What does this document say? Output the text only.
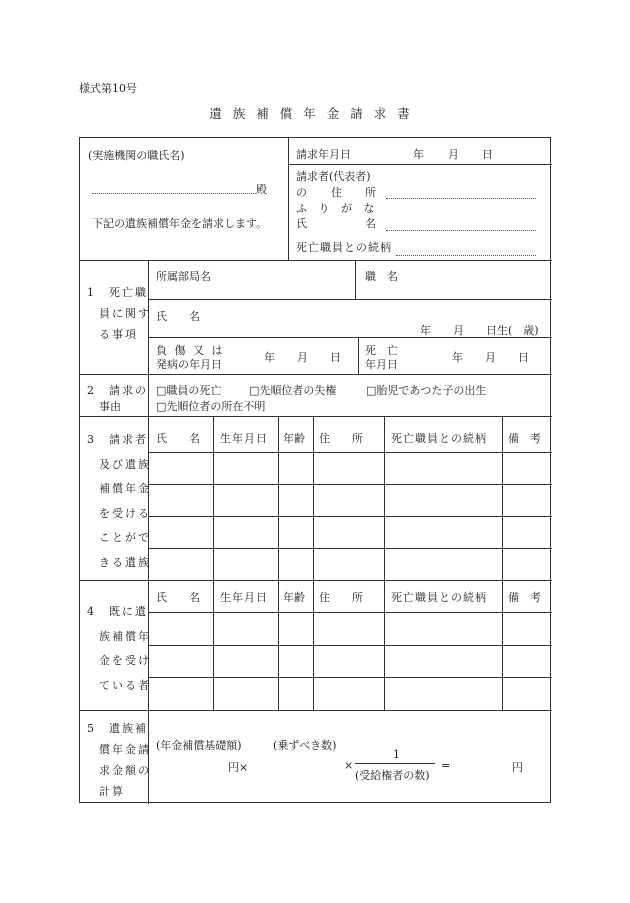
様式第10号
遺族補償年金請求書
(実施機関の職氏名)
殿
下記の遺族補償年金を請求します。
請求年月日	年 月 日
請求者(代表者)
の 住　所
ふ り が な
氏	名
死亡職員との続柄
1　死亡職
員に関す
る事項
所属部局名	職　名
氏　　名
年　　月　　日生(　歳)
負 傷 又 は
発病の年月日
年　　月　　日
死　亡
年月日
年　　月　　日
2　請求の
事由
□職員の死亡	□先順位者の失権	□胎児であつた子の出生
□先順位者の所在不明
3　請求者
及び遺族
補償年金
を受ける
ことがで
きる遺族
氏　　名 生年月日 年齢 住　　所	死亡職員との続柄 備　考
4　既に遺
族補償年
金を受け
ている者
氏　　名 生年月日 年齢 住　　所	死亡職員との続柄 備　考
5　遺族補
償年金請
求金額の
計算
(年金補償基礎額)	(乗ずべき数)
円×	×
1
(受給権者の数)
=	円
